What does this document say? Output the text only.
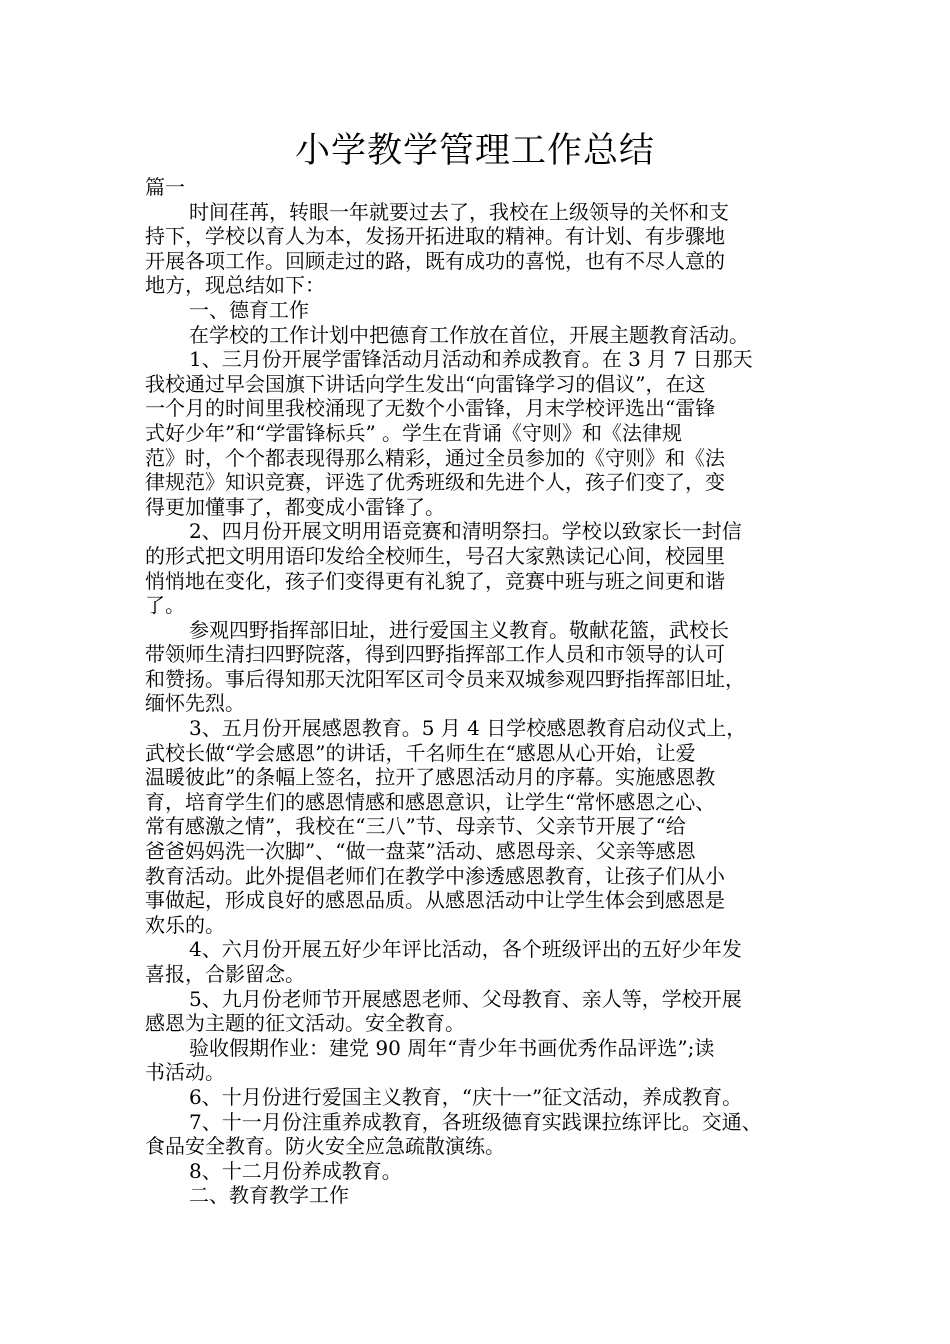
小学教学管理工作总结

篇一

时间荏苒，转眼一年就要过去了，我校在上级领导的关怀和支

持下，学校以育人为本，发扬开拓进取的精神。有计划、有步骤地

开展各项工作。回顾走过的路，既有成功的喜悦，也有不尽人意的

地方，现总结如下：

一、德育工作

在学校的工作计划中把德育工作放在首位，开展主题教育活动。

1、三月份开展学雷锋活动月活动和养成教育。在 3 月 7 日那天

我校通过早会国旗下讲话向学生发出“向雷锋学习的倡议”，在这

一个月的时间里我校涌现了无数个小雷锋，月末学校评选出“雷锋

式好少年”和“学雷锋标兵” 。学生在背诵《守则》和《法律规

范》时，个个都表现得那么精彩，通过全员参加的《守则》和《法

律规范》知识竞赛，评选了优秀班级和先进个人，孩子们变了，变

得更加懂事了，都变成小雷锋了。

2、四月份开展文明用语竞赛和清明祭扫。学校以致家长一封信

的形式把文明用语印发给全校师生，号召大家熟读记心间，校园里

悄悄地在变化，孩子们变得更有礼貌了，竞赛中班与班之间更和谐

了。

参观四野指挥部旧址，进行爱国主义教育。敬献花篮，武校长

带领师生清扫四野院落，得到四野指挥部工作人员和市领导的认可

和赞扬。事后得知那天沈阳军区司令员来双城参观四野指挥部旧址，

缅怀先烈。

3、五月份开展感恩教育。5 月 4 日学校感恩教育启动仪式上，

武校长做“学会感恩”的讲话，千名师生在“感恩从心开始，让爱

温暖彼此”的条幅上签名，拉开了感恩活动月的序幕。实施感恩教

育，培育学生们的感恩情感和感恩意识，让学生“常怀感恩之心、

常有感激之情”，我校在“三八”节、母亲节、父亲节开展了“给

爸爸妈妈洗一次脚”、“做一盘菜”活动、感恩母亲、父亲等感恩

教育活动。此外提倡老师们在教学中渗透感恩教育，让孩子们从小

事做起，形成良好的感恩品质。从感恩活动中让学生体会到感恩是

欢乐的。

4、六月份开展五好少年评比活动，各个班级评出的五好少年发

喜报，合影留念。

5、九月份老师节开展感恩老师、父母教育、亲人等，学校开展

感恩为主题的征文活动。安全教育。

验收假期作业：建党 90 周年“青少年书画优秀作品评选”;读

书活动。

6、十月份进行爱国主义教育，“庆十一”征文活动，养成教育。

7、十一月份注重养成教育，各班级德育实践课拉练评比。交通、

食品安全教育。防火安全应急疏散演练。

8、十二月份养成教育。

二、教育教学工作
